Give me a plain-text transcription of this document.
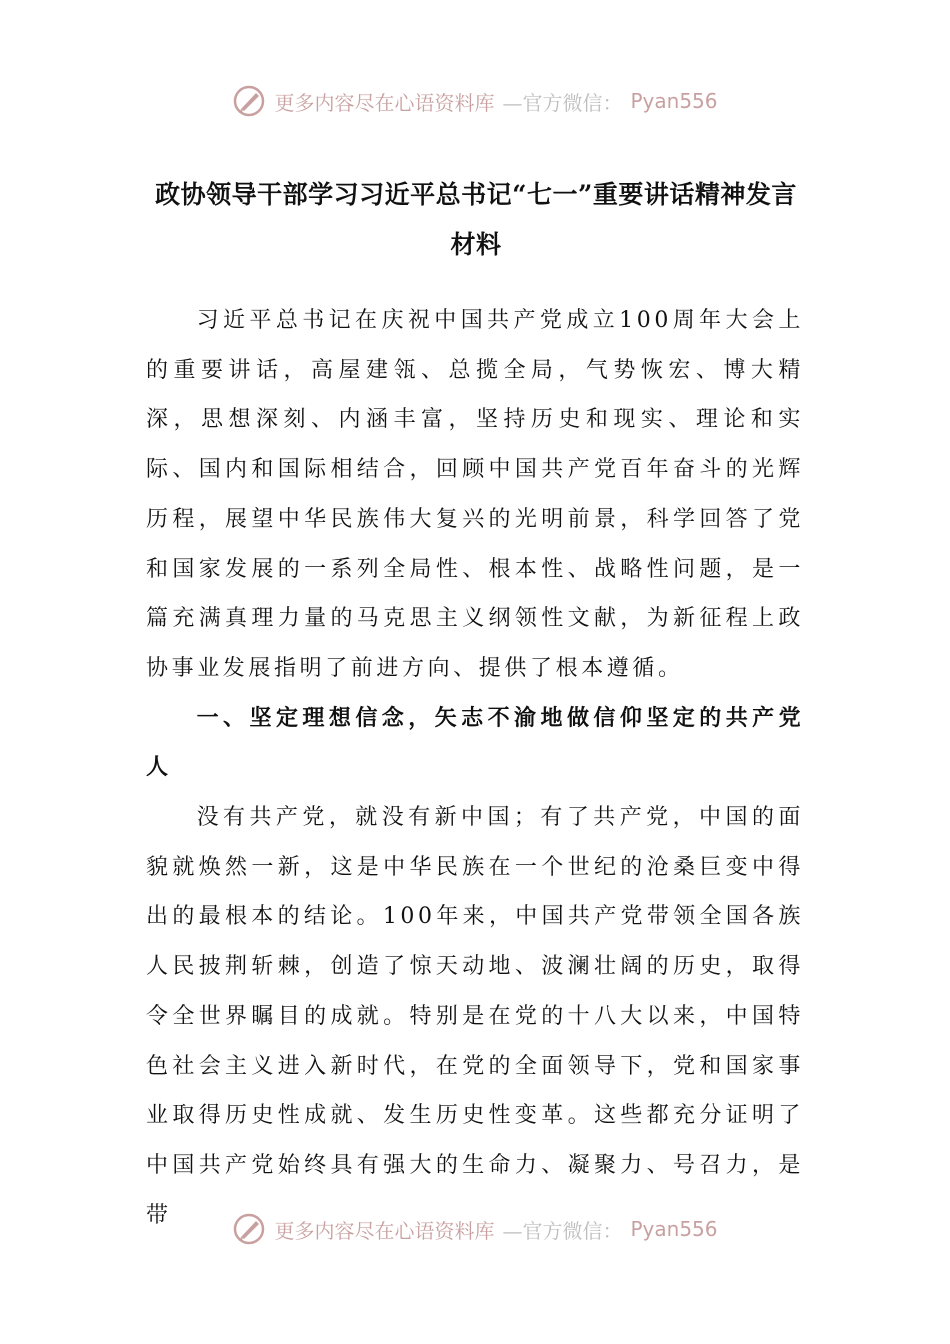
更多内容尽在心语资料库 —官方微信： Pyan556
政协领导干部学习习近平总书记“七一”重要讲话精神发言材料

习近平总书记在庆祝中国共产党成立100周年大会上的重要讲话，高屋建瓴、总揽全局，气势恢宏、博大精深，思想深刻、内涵丰富，坚持历史和现实、理论和实际、国内和国际相结合，回顾中国共产党百年奋斗的光辉历程，展望中华民族伟大复兴的光明前景，科学回答了党和国家发展的一系列全局性、根本性、战略性问题，是一篇充满真理力量的马克思主义纲领性文献，为新征程上政协事业发展指明了前进方向、提供了根本遵循。

一、坚定理想信念，矢志不渝地做信仰坚定的共产党人

没有共产党，就没有新中国；有了共产党，中国的面貌就焕然一新，这是中华民族在一个世纪的沧桑巨变中得出的最根本的结论。100年来，中国共产党带领全国各族人民披荆斩棘，创造了惊天动地、波澜壮阔的历史，取得令全世界瞩目的成就。特别是在党的十八大以来，中国特色社会主义进入新时代，在党的全面领导下，党和国家事业取得历史性成就、发生历史性变革。这些都充分证明了中国共产党始终具有强大的生命力、凝聚力、号召力，是带

更多内容尽在心语资料库 —官方微信： Pyan556
